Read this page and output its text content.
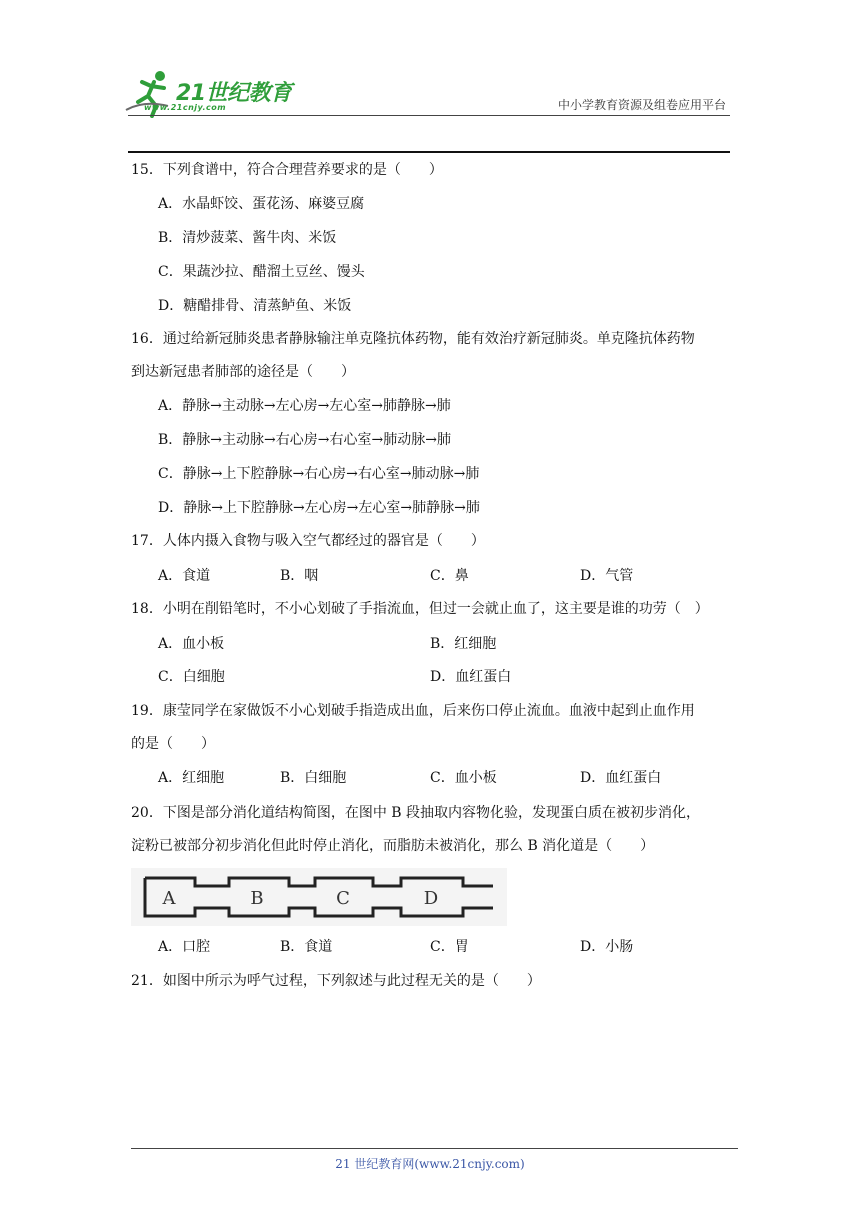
21世纪教育
www.21cnjy.com	中小学教育资源及组卷应用平台
15．下列食谱中，符合合理营养要求的是（　　）
A．水晶虾饺、蛋花汤、麻婆豆腐
B．清炒菠菜、酱牛肉、米饭
C．果蔬沙拉、醋溜土豆丝、馒头
D．糖醋排骨、清蒸鲈鱼、米饭
16．通过给新冠肺炎患者静脉输注单克隆抗体药物，能有效治疗新冠肺炎。单克隆抗体药物
到达新冠患者肺部的途径是（　　）
A．静脉→主动脉→左心房→左心室→肺静脉→肺
B．静脉→主动脉→右心房→右心室→肺动脉→肺
C．静脉→上下腔静脉→右心房→右心室→肺动脉→肺
D．静脉→上下腔静脉→左心房→左心室→肺静脉→肺
17．人体内摄入食物与吸入空气都经过的器官是（　　）
A．食道	B．咽	C．鼻	D．气管
18．小明在削铅笔时，不小心划破了手指流血，但过一会就止血了，这主要是谁的功劳（　）
A．血小板	B．红细胞
C．白细胞	D．血红蛋白
19．康莹同学在家做饭不小心划破手指造成出血，后来伤口停止流血。血液中起到止血作用
的是（　　）
A．红细胞	B．白细胞	C．血小板	D．血红蛋白
20．下图是部分消化道结构简图，在图中 B 段抽取内容物化验，发现蛋白质在被初步消化，
淀粉已被部分初步消化但此时停止消化，而脂肪未被消化，那么 B 消化道是（　　）
A	B	C	D
A．口腔	B．食道	C．胃	D．小肠
21．如图中所示为呼气过程，下列叙述与此过程无关的是（　　）
21 世纪教育网(www.21cnjy.com)
